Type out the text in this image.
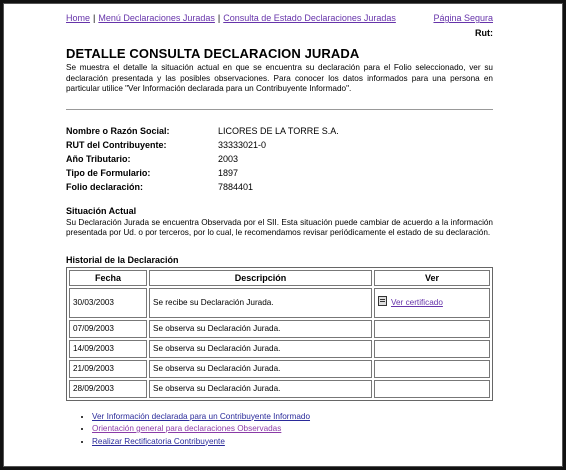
Home | Menú Declaraciones Juradas | Consulta de Estado Declaraciones Juradas	Página Segura
Rut:
DETALLE CONSULTA DECLARACION JURADA

Se muestra el detalle la situación actual en que se encuentra su declaración para el Folio seleccionado, ver su declaración presentada y las posibles observaciones. Para conocer los datos informados para una persona en particular utilice "Ver Información declarada para un Contribuyente Informado".

Nombre o Razón Social:	LICORES DE LA TORRE S.A.
RUT del Contribuyente:	33333021-0
Año Tributario:	2003
Tipo de Formulario:	1897
Folio declaración:	7884401
Situación Actual

Su Declaración Jurada se encuentra Observada por el SII. Esta situación puede cambiar de acuerdo a la información presentada por Ud. o por terceros, por lo cual, le recomendamos revisar periódicamente el estado de su declaración.

Historial de la Declaración
Fecha	Descripción	Ver
30/03/2003	Se recibe su Declaración Jurada.	Ver certificado
07/09/2003	Se observa su Declaración Jurada.	
14/09/2003	Se observa su Declaración Jurada.	
21/09/2003	Se observa su Declaración Jurada.	
28/09/2003	Se observa su Declaración Jurada.	
• Ver Información declarada para un Contribuyente Informado
• Orientación general para declaraciones Observadas
• Realizar Rectificatoria Contribuyente
